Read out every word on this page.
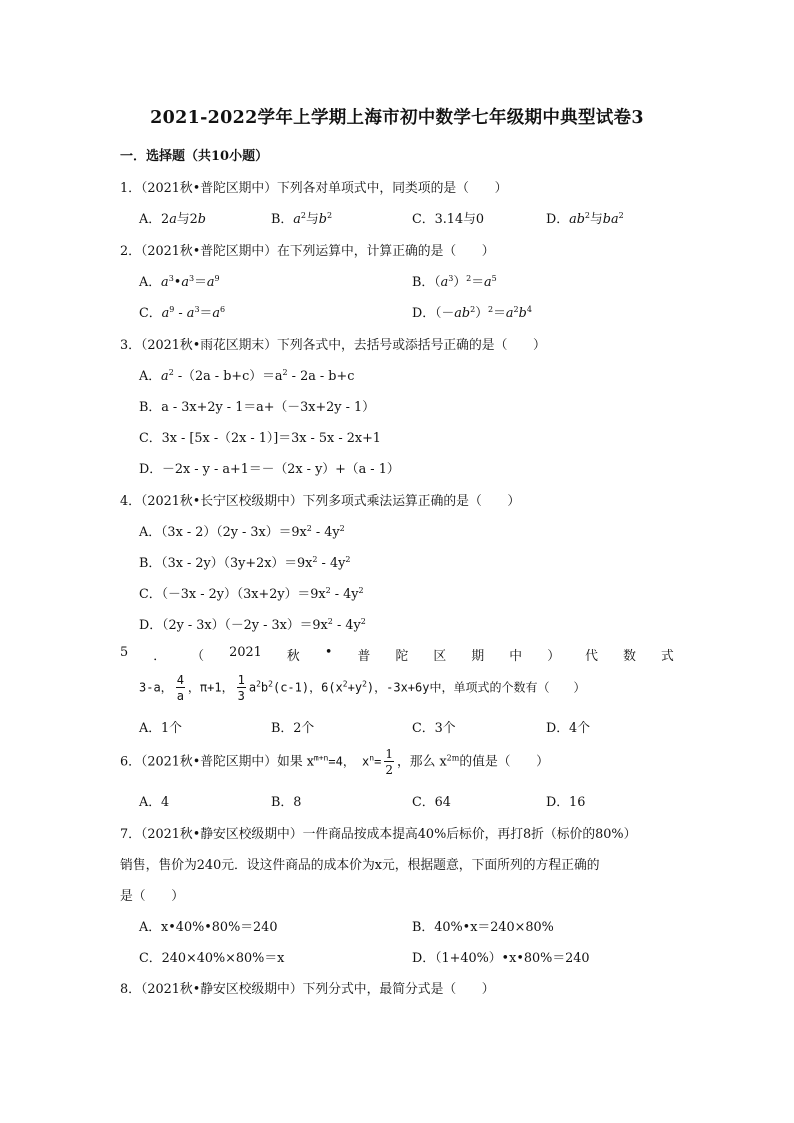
2021-2022学年上学期上海市初中数学七年级期中典型试卷3
一．选择题（共10小题）
1．（2021秋•普陀区期中）下列各对单项式中，同类项的是（　　）
A．2a与2b	B．$a^2$与$b^2$	C．3.14与0	D．$ab^2$与$ba^2$
2．（2021秋•普陀区期中）在下列运算中，计算正确的是（　　）
A．$a^3•a^3=a^9$	B．$(a^3)^2=a^5$
C．$a^9 - a^3=a^6$	D．$(-ab^2)^2=a^2b^4$
3．（2021秋•雨花区期末）下列各式中，去括号或添括号正确的是（　　）
A．$a^2$ $-(2a - b+c)=a^2 - 2a - b+c$
B．a - 3x+2y - 1＝a+（－3x+2y - 1）
C．3x - [5x -（2x - 1）]＝3x - 5x - 2x+1
D．－2x - y - a+1＝－（2x - y）+（a - 1）
4．（2021秋•长宁区校级期中）下列多项式乘法运算正确的是（　　）
A．$(3x - 2)(2y - 3x)=9x^2 - 4y^2$
B．$(3x - 2y)(3y+2x)=9x^2 - 4y^2$
C．$(-3x - 2y)(3x+2y)=9x^2 - 4y^2$
D．$(2y - 3x)(-2y - 3x)=9x^2 - 4y^2$
5 ． （ 2021 秋 • 普 陀 区 期 中 ） 代 数 式
3-a， $\frac{4}{a}$ ，π+1， $\frac{1}{3} a^2b^2(c-1)$，$6(x^2+y^2)$，-3x+6y中，单项式的个数有（　　）
A．1个	B．2个	C．3个	D．4个
6．（2021秋•普陀区期中）如果 $x^{m+n}=4$， $x^n= \frac{1}{2}$ ，那么 $x^{2m}$的值是（　　）
A．4	B．8	C．64	D．16
7．（2021秋•静安区校级期中）一件商品按成本提高40%后标价，再打8折（标价的80%）
销售，售价为240元．设这件商品的成本价为x元，根据题意，下面所列的方程正确的
是（　　）
A．x•40%•80%＝240	B．40%•x＝240×80%
C．240×40%×80%＝x	D．（1+40%）•x•80%＝240
8．（2021秋•静安区校级期中）下列分式中，最简分式是（　　）
